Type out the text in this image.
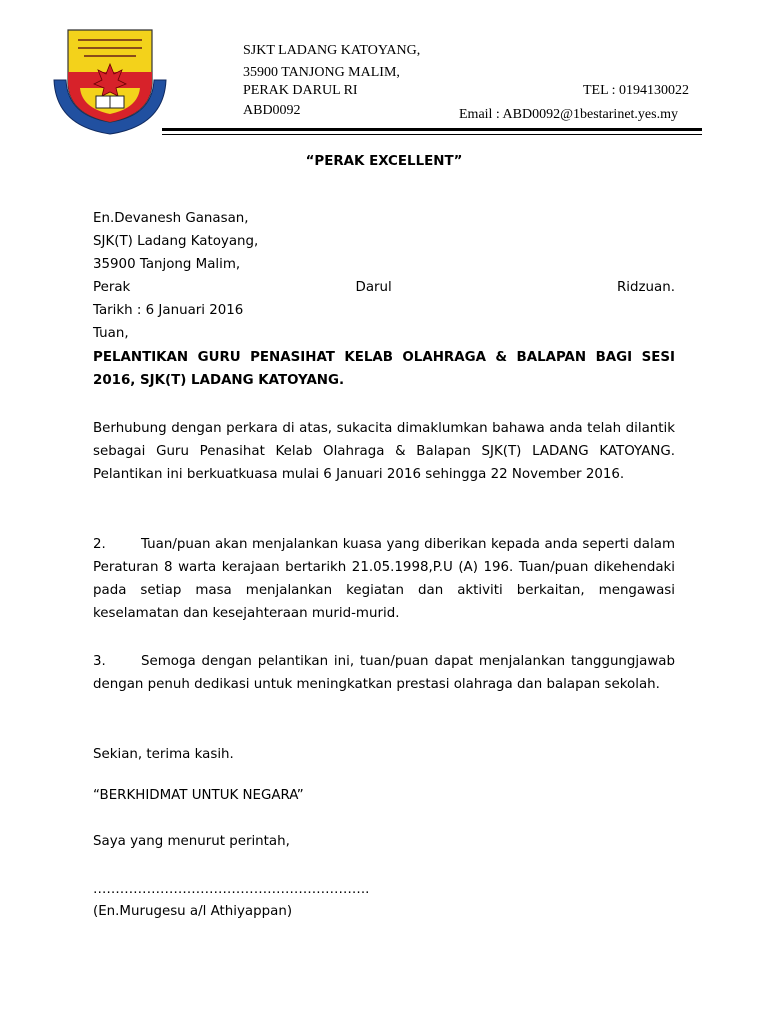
SJKT LADANG KATOYANG,
35900 TANJONG MALIM,
PERAK DARUL RI
ABD0092
TEL : 0194130022
Email : ABD0092@1bestarinet.yes.my
“PERAK EXCELLENT”
En.Devanesh Ganasan,
SJK(T) Ladang Katoyang,
35900 Tanjong Malim,
Perak	Darul	Ridzuan.
Tarikh : 6 Januari 2016
Tuan,
PELANTIKAN GURU PENASIHAT KELAB OLAHRAGA & BALAPAN BAGI SESI 2016, SJK(T) LADANG KATOYANG.
Berhubung dengan perkara di atas, sukacita dimaklumkan bahawa anda telah dilantik sebagai Guru Penasihat Kelab Olahraga & Balapan SJK(T) LADANG KATOYANG. Pelantikan ini berkuatkuasa mulai 6 Januari 2016 sehingga 22 November 2016.
2.	Tuan/puan akan menjalankan kuasa yang diberikan kepada anda seperti dalam Peraturan 8 warta kerajaan bertarikh 21.05.1998,P.U (A) 196. Tuan/puan dikehendaki pada setiap masa menjalankan kegiatan dan aktiviti berkaitan, mengawasi keselamatan dan kesejahteraan murid-murid.
3.	Semoga dengan pelantikan ini, tuan/puan dapat menjalankan tanggungjawab dengan penuh dedikasi untuk meningkatkan prestasi olahraga dan balapan sekolah.
Sekian, terima kasih.
“BERKHIDMAT UNTUK NEGARA”
Saya yang menurut perintah,
……………………………………………………..
(En.Murugesu a/l Athiyappan)
